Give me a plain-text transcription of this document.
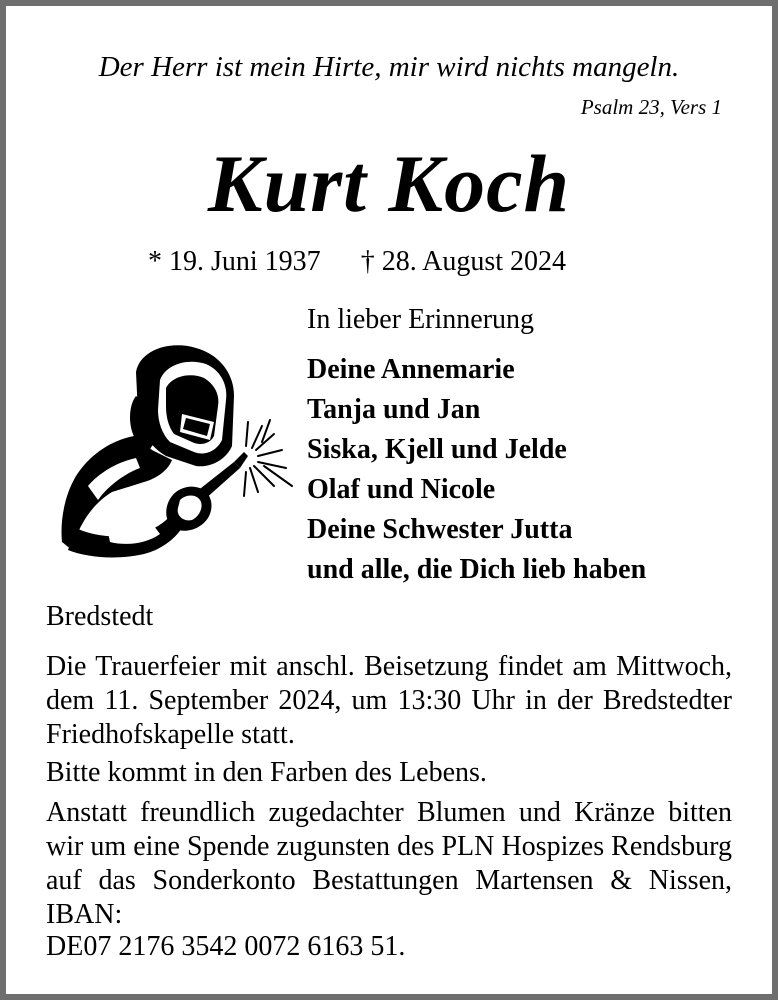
Der Herr ist mein Hirte, mir wird nichts mangeln.
Psalm 23, Vers 1
Kurt Koch
* 19. Juni 1937 † 28. August 2024
In lieber Erinnerung
Deine Annemarie
Tanja und Jan
Siska, Kjell und Jelde
Olaf und Nicole
Deine Schwester Jutta
und alle, die Dich lieb haben
Bredstedt

Die Trauerfeier mit anschl. Beisetzung findet am Mittwoch, dem 11. September 2024, um 13:30 Uhr in der Bredstedter Friedhofskapelle statt.

Bitte kommt in den Farben des Lebens.

Anstatt freundlich zugedachter Blumen und Kränze bitten wir um eine Spende zugunsten des PLN Hospizes Rendsburg auf das Sonderkonto Bestattungen Martensen & Nissen, IBAN:

DE07 2176 3542 0072 6163 51.
